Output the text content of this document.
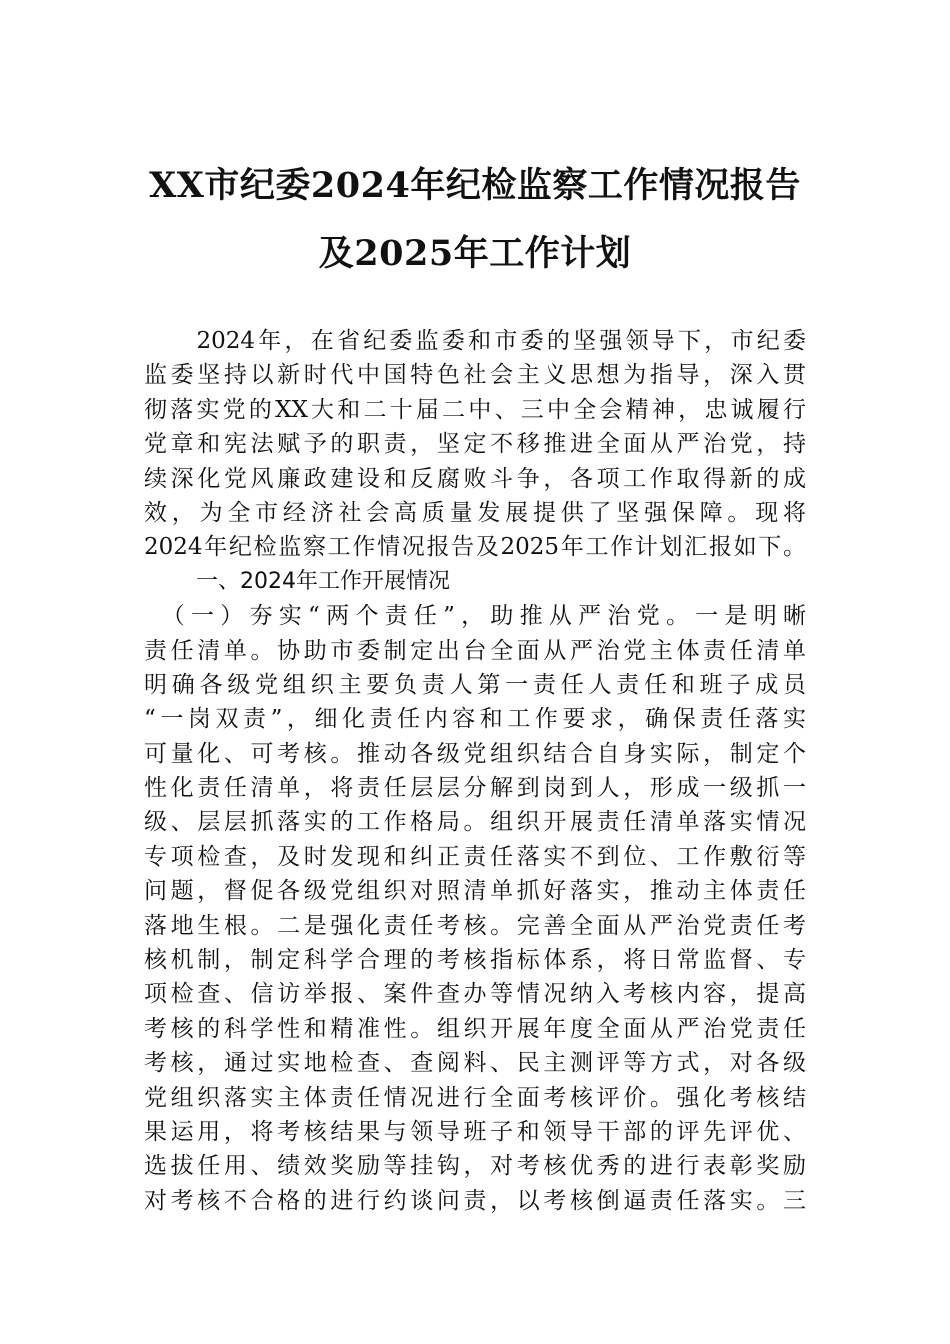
XX市纪委2024年纪检监察工作情况报告
及2025年工作计划
　　2024年，在省纪委监委和市委的坚强领导下，市纪委
监委坚持以新时代中国特色社会主义思想为指导，深入贯
彻落实党的XX大和二十届二中、三中全会精神，忠诚履行
党章和宪法赋予的职责，坚定不移推进全面从严治党，持
续深化党风廉政建设和反腐败斗争，各项工作取得新的成
效，为全市经济社会高质量发展提供了坚强保障。现将
2024年纪检监察工作情况报告及2025年工作计划汇报如下。
一、2024年工作开展情况
　（一）夯实“两个责任”，助推从严治党。一是明晰
责任清单。协助市委制定出台全面从严治党主体责任清单
明确各级党组织主要负责人第一责任人责任和班子成员
“一岗双责”，细化责任内容和工作要求，确保责任落实
可量化、可考核。推动各级党组织结合自身实际，制定个
性化责任清单，将责任层层分解到岗到人，形成一级抓一
级、层层抓落实的工作格局。组织开展责任清单落实情况
专项检查，及时发现和纠正责任落实不到位、工作敷衍等
问题，督促各级党组织对照清单抓好落实，推动主体责任
落地生根。二是强化责任考核。完善全面从严治党责任考
核机制，制定科学合理的考核指标体系，将日常监督、专
项检查、信访举报、案件查办等情况纳入考核内容，提高
考核的科学性和精准性。组织开展年度全面从严治党责任
考核，通过实地检查、查阅料、民主测评等方式，对各级
党组织落实主体责任情况进行全面考核评价。强化考核结
果运用，将考核结果与领导班子和领导干部的评先评优、
选拔任用、绩效奖励等挂钩，对考核优秀的进行表彰奖励
对考核不合格的进行约谈问责，以考核倒逼责任落实。三
